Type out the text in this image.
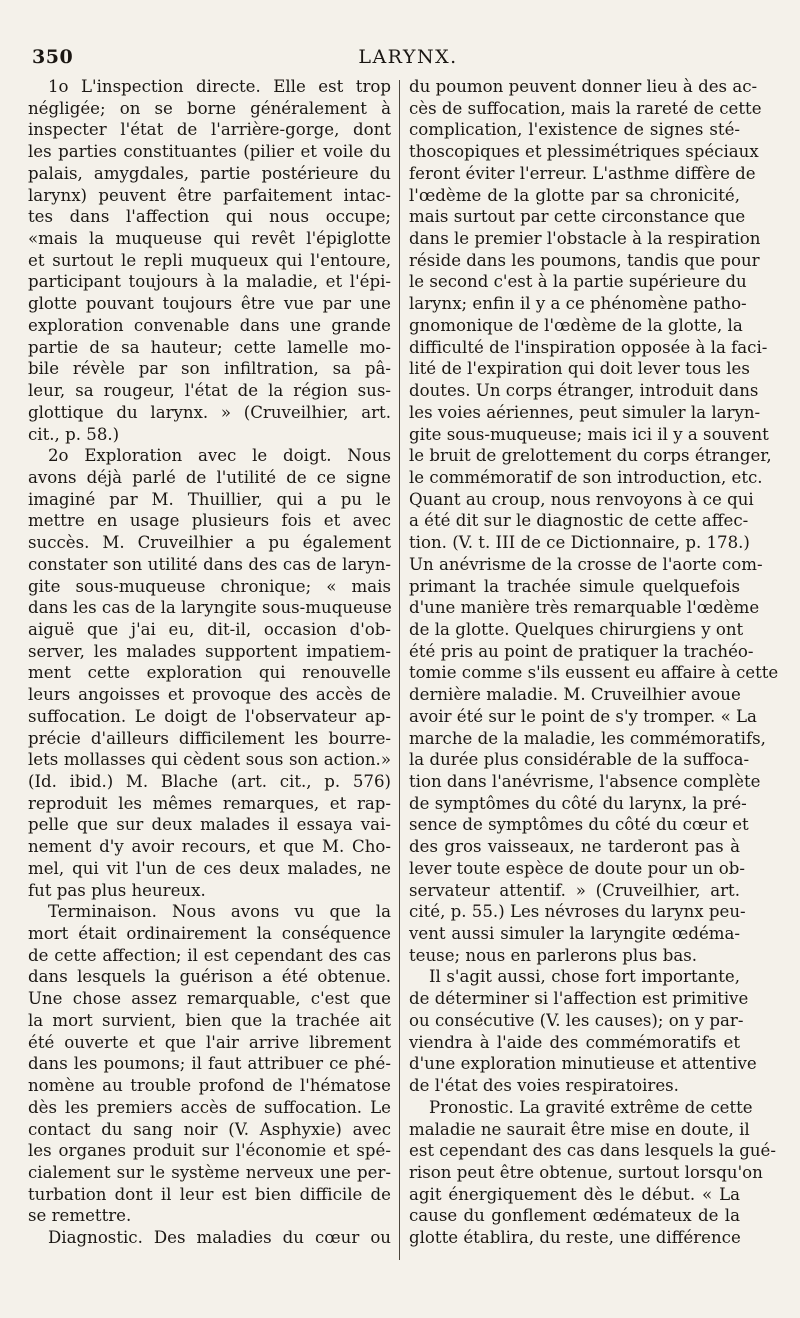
350	LARYNX.
1o L'inspection directe. Elle est trop
négligée; on se borne généralement à
inspecter l'état de l'arrière-gorge, dont
les parties constituantes (pilier et voile du
palais, amygdales, partie postérieure du
larynx) peuvent être parfaitement intac-
tes dans l'affection qui nous occupe;
«mais la muqueuse qui revêt l'épiglotte
et surtout le repli muqueux qui l'entoure,
participant toujours à la maladie, et l'épi-
glotte pouvant toujours être vue par une
exploration convenable dans une grande
partie de sa hauteur; cette lamelle mo-
bile révèle par son infiltration, sa pâ-
leur, sa rougeur, l'état de la région sus-
glottique du larynx. » (Cruveilhier, art.
cit., p. 58.)
2o Exploration avec le doigt. Nous
avons déjà parlé de l'utilité de ce signe
imaginé par M. Thuillier, qui a pu le
mettre en usage plusieurs fois et avec
succès. M. Cruveilhier a pu également
constater son utilité dans des cas de laryn-
gite sous-muqueuse chronique; « mais
dans les cas de la laryngite sous-muqueuse
aiguë que j'ai eu, dit-il, occasion d'ob-
server, les malades supportent impatiem-
ment cette exploration qui renouvelle
leurs angoisses et provoque des accès de
suffocation. Le doigt de l'observateur ap-
précie d'ailleurs difficilement les bourre-
lets mollasses qui cèdent sous son action.»
(Id. ibid.) M. Blache (art. cit., p. 576)
reproduit les mêmes remarques, et rap-
pelle que sur deux malades il essaya vai-
nement d'y avoir recours, et que M. Cho-
mel, qui vit l'un de ces deux malades, ne
fut pas plus heureux.
Terminaison. Nous avons vu que la
mort était ordinairement la conséquence
de cette affection; il est cependant des cas
dans lesquels la guérison a été obtenue.
Une chose assez remarquable, c'est que
la mort survient, bien que la trachée ait
été ouverte et que l'air arrive librement
dans les poumons; il faut attribuer ce phé-
nomène au trouble profond de l'hématose
dès les premiers accès de suffocation. Le
contact du sang noir (V. Asphyxie) avec
les organes produit sur l'économie et spé-
cialement sur le système nerveux une per-
turbation dont il leur est bien difficile de
se remettre.
Diagnostic. Des maladies du cœur ou
du poumon peuvent donner lieu à des ac-
cès de suffocation, mais la rareté de cette
complication, l'existence de signes sté-
thoscopiques et plessimétriques spéciaux
feront éviter l'erreur. L'asthme diffère de
l'œdème de la glotte par sa chronicité,
mais surtout par cette circonstance que
dans le premier l'obstacle à la respiration
réside dans les poumons, tandis que pour
le second c'est à la partie supérieure du
larynx; enfin il y a ce phénomène patho-
gnomonique de l'œdème de la glotte, la
difficulté de l'inspiration opposée à la faci-
lité de l'expiration qui doit lever tous les
doutes. Un corps étranger, introduit dans
les voies aériennes, peut simuler la laryn-
gite sous-muqueuse; mais ici il y a souvent
le bruit de grelottement du corps étranger,
le commémoratif de son introduction, etc.
Quant au croup, nous renvoyons à ce qui
a été dit sur le diagnostic de cette affec-
tion. (V. t. III de ce Dictionnaire, p. 178.)
Un anévrisme de la crosse de l'aorte com-
primant la trachée simule quelquefois
d'une manière très remarquable l'œdème
de la glotte. Quelques chirurgiens y ont
été pris au point de pratiquer la trachéo-
tomie comme s'ils eussent eu affaire à cette
dernière maladie. M. Cruveilhier avoue
avoir été sur le point de s'y tromper. « La
marche de la maladie, les commémoratifs,
la durée plus considérable de la suffoca-
tion dans l'anévrisme, l'absence complète
de symptômes du côté du larynx, la pré-
sence de symptômes du côté du cœur et
des gros vaisseaux, ne tarderont pas à
lever toute espèce de doute pour un ob-
servateur attentif. » (Cruveilhier, art.
cité, p. 55.) Les névroses du larynx peu-
vent aussi simuler la laryngite œdéma-
teuse; nous en parlerons plus bas.
Il s'agit aussi, chose fort importante,
de déterminer si l'affection est primitive
ou consécutive (V. les causes); on y par-
viendra à l'aide des commémoratifs et
d'une exploration minutieuse et attentive
de l'état des voies respiratoires.
Pronostic. La gravité extrême de cette
maladie ne saurait être mise en doute, il
est cependant des cas dans lesquels la gué-
rison peut être obtenue, surtout lorsqu'on
agit énergiquement dès le début. « La
cause du gonflement œdémateux de la
glotte établira, du reste, une différence
